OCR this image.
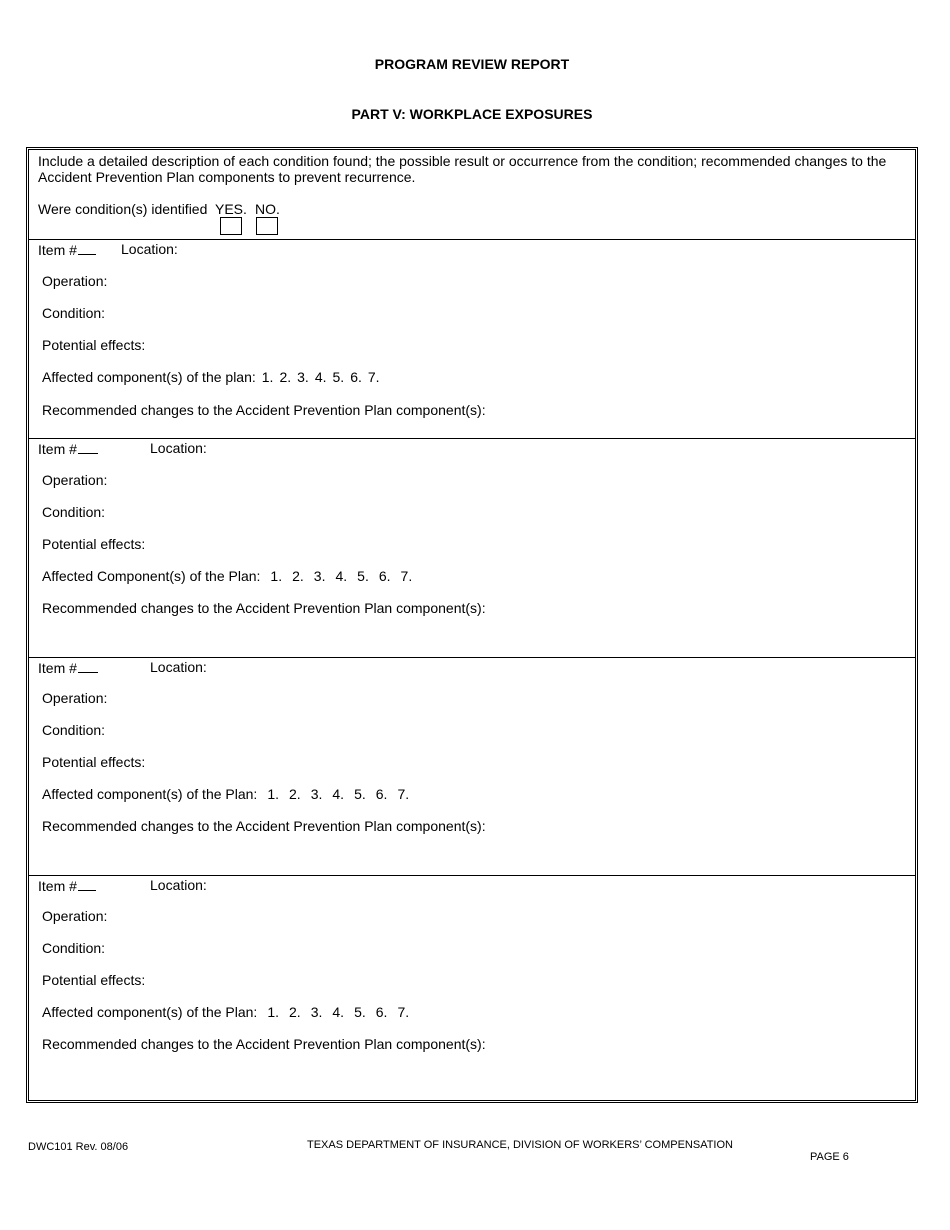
PROGRAM REVIEW REPORT
PART V: WORKPLACE EXPOSURES
Include a detailed description of each condition found; the possible result or occurrence from the condition; recommended changes to the Accident Prevention Plan components to prevent recurrence.
Were condition(s) identified YES. NO.
Item #	Location:
Operation:
Condition:
Potential effects:
Affected component(s) of the plan: 1. 2. 3. 4. 5. 6. 7.
Recommended changes to the Accident Prevention Plan component(s):
Item #	Location:
Operation:
Condition:
Potential effects:
Affected Component(s) of the Plan: 1. 2. 3. 4. 5. 6. 7.
Recommended changes to the Accident Prevention Plan component(s):
Item #	Location:
Operation:
Condition:
Potential effects:
Affected component(s) of the Plan: 1. 2. 3. 4. 5. 6. 7.
Recommended changes to the Accident Prevention Plan component(s):
Item #	Location:
Operation:
Condition:
Potential effects:
Affected component(s) of the Plan: 1. 2. 3. 4. 5. 6. 7.
Recommended changes to the Accident Prevention Plan component(s):
DWC101 Rev. 08/06	TEXAS DEPARTMENT OF INSURANCE, DIVISION OF WORKERS’ COMPENSATION
PAGE 6
